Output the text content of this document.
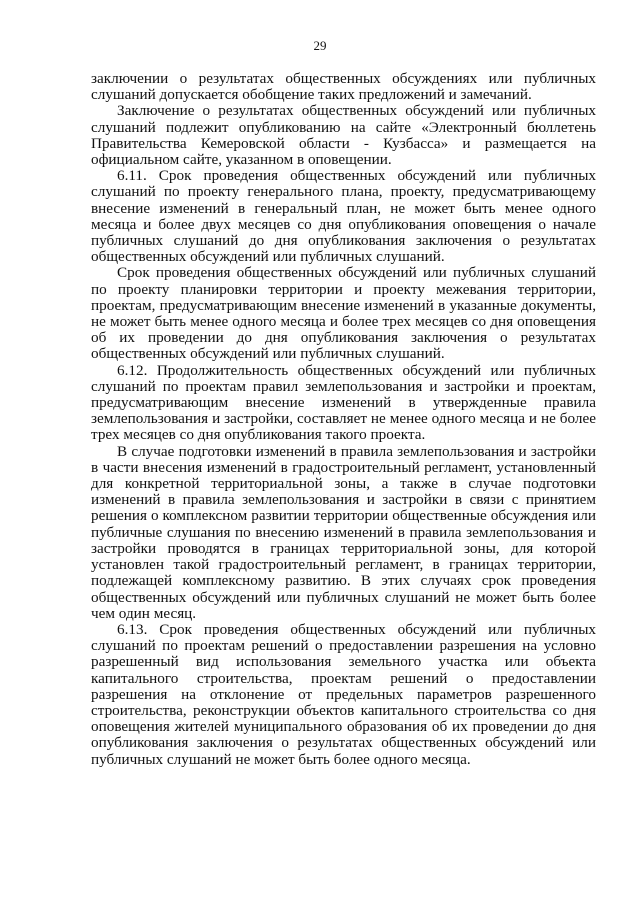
29

заключении о результатах общественных обсуждениях или публичных слушаний допускается обобщение таких предложений и замечаний.

Заключение о результатах общественных обсуждений или публичных слушаний подлежит опубликованию на сайте «Электронный бюллетень Правительства Кемеровской области - Кузбасса» и размещается на официальном сайте, указанном в оповещении.

6.11. Срок проведения общественных обсуждений или публичных слушаний по проекту генерального плана, проекту, предусматривающему внесение изменений в генеральный план, не может быть менее одного месяца и более двух месяцев со дня опубликования оповещения о начале публичных слушаний до дня опубликования заключения о результатах общественных обсуждений или публичных слушаний.

Срок проведения общественных обсуждений или публичных слушаний по проекту планировки территории и проекту межевания территории, проектам, предусматривающим внесение изменений в указанные документы, не может быть менее одного месяца и более трех месяцев со дня оповещения об их проведении до дня опубликования заключения о результатах общественных обсуждений или публичных слушаний.

6.12. Продолжительность общественных обсуждений или публичных слушаний по проектам правил землепользования и застройки и проектам, предусматривающим внесение изменений в утвержденные правила землепользования и застройки, составляет не менее одного месяца и не более трех месяцев со дня опубликования такого проекта.

В случае подготовки изменений в правила землепользования и застройки в части внесения изменений в градостроительный регламент, установленный для конкретной территориальной зоны, а также в случае подготовки изменений в правила землепользования и застройки в связи с принятием решения о комплексном развитии территории общественные обсуждения или публичные слушания по внесению изменений в правила землепользования и застройки проводятся в границах территориальной зоны, для которой установлен такой градостроительный регламент, в границах территории, подлежащей комплексному развитию. В этих случаях срок проведения общественных обсуждений или публичных слушаний не может быть более чем один месяц.

6.13. Срок проведения общественных обсуждений или публичных слушаний по проектам решений о предоставлении разрешения на условно разрешенный вид использования земельного участка или объекта капитального строительства, проектам решений о предоставлении разрешения на отклонение от предельных параметров разрешенного строительства, реконструкции объектов капитального строительства со дня оповещения жителей муниципального образования об их проведении до дня опубликования заключения о результатах общественных обсуждений или публичных слушаний не может быть более одного месяца.
